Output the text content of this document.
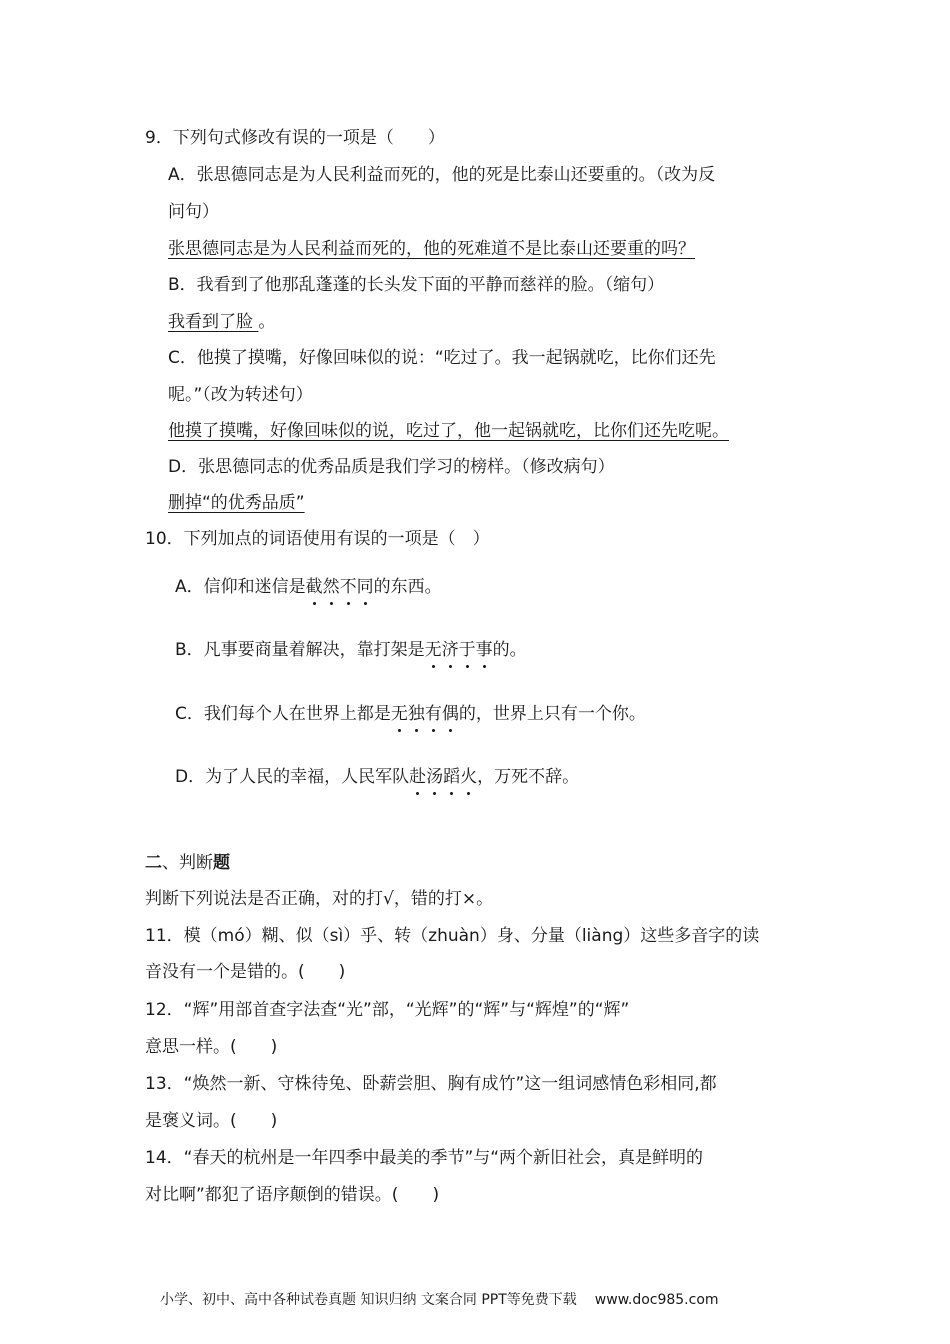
9．下列句式修改有误的一项是（　　）
A．张思德同志是为人民利益而死的，他的死是比泰山还要重的。（改为反
问句）
张思德同志是为人民利益而死的，他的死难道不是比泰山还要重的吗？
B．我看到了他那乱蓬蓬的长头发下面的平静而慈祥的脸。（缩句）
我看到了脸 。
C．他摸了摸嘴，好像回味似的说：“吃过了。我一起锅就吃，比你们还先
呢。”（改为转述句）
他摸了摸嘴，好像回味似的说，吃过了，他一起锅就吃，比你们还先吃呢。
D．张思德同志的优秀品质是我们学习的榜样。（修改病句）
删掉“的优秀品质”
10．下列加点的词语使用有误的一项是（　）
A．信仰和迷信是截然不同的东西。
B．凡事要商量着解决，靠打架是无济于事的。
C．我们每个人在世界上都是无独有偶的，世界上只有一个你。
D．为了人民的幸福，人民军队赴汤蹈火，万死不辞。
二、判断题
判断下列说法是否正确，对的打√，错的打×。
11．模（mó）糊、似（sì）乎、转（zhuàn）身、分量（liàng）这些多音字的读
音没有一个是错的。(　　)
12．“辉”用部首查字法查“光”部，“光辉”的“辉”与“辉煌”的“辉”
意思一样。(　　)
13．“焕然一新、守株待兔、卧薪尝胆、胸有成竹”这一组词感情色彩相同,都
是褒义词。(　　)
14．“春天的杭州是一年四季中最美的季节”与“两个新旧社会，真是鲜明的
对比啊”都犯了语序颠倒的错误。(　　)
小学、初中、高中各种试卷真题 知识归纳 文案合同 PPT等免费下载 www.doc985.com
